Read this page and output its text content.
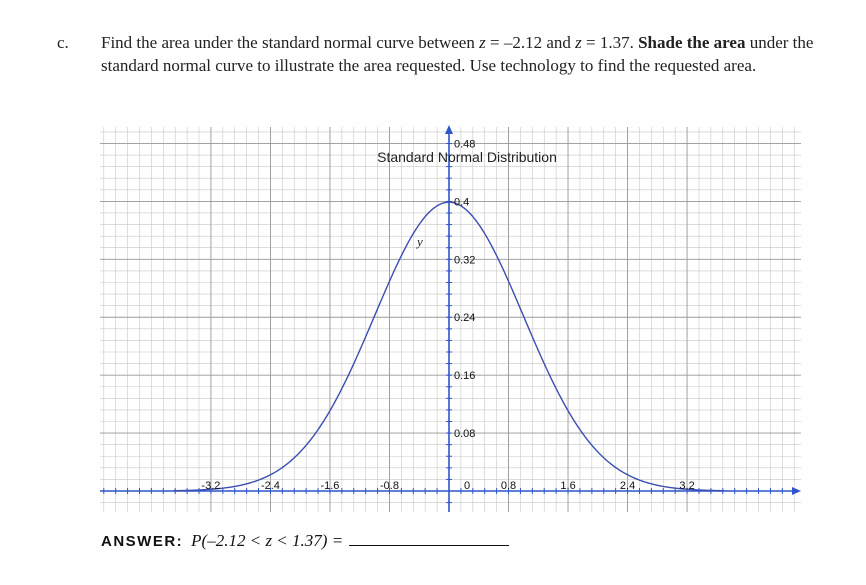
c. Find the area under the standard normal curve between z = –2.12 and z = 1.37. Shade the area under the standard normal curve to illustrate the area requested. Use technology to find the requested area.
-3.2	-2.4	-1.6	-0.8	0	0.8	1.6	2.4	3.2
0.08
0.16
0.24
0.32
0.4
0.48
Standard Normal Distribution
y
ANSWER: P(–2.12 < z < 1.37) =
